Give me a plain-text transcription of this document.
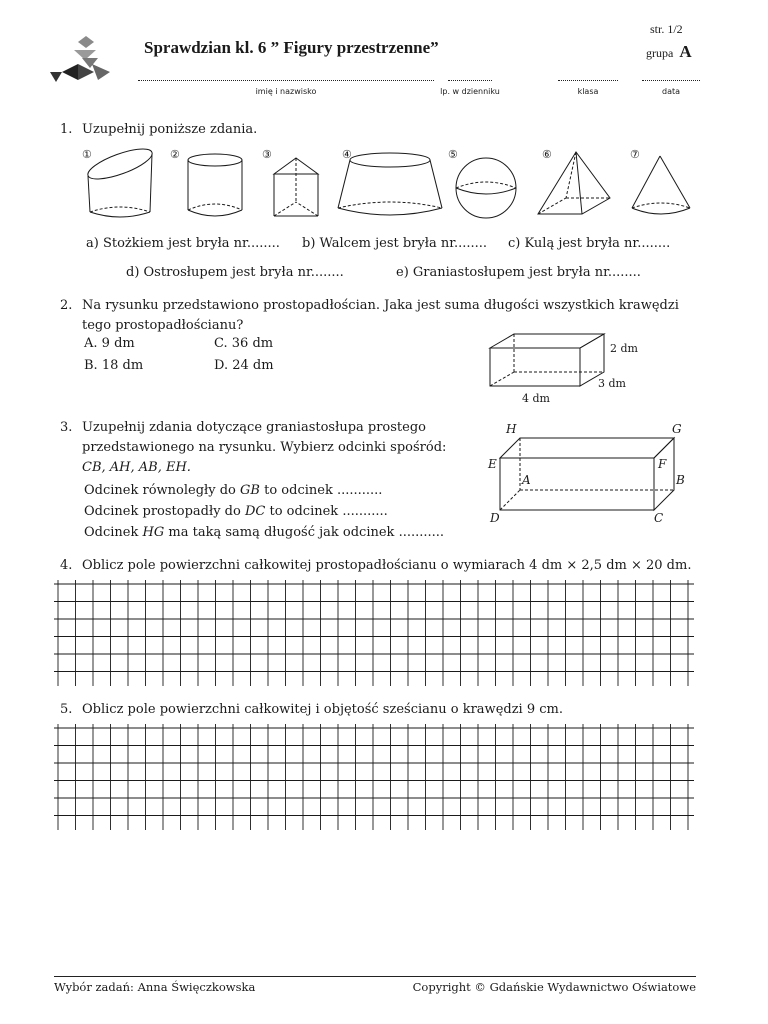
Sprawdzian kl. 6 ” Figury przestrzenne”
str. 1/2
grupa A
imię i nazwisko	lp. w dzienniku	klasa	data
1. Uzupełnij poniższe zdania.
①	②	③	④	⑤	⑥	⑦
a) Stożkiem jest bryła nr........ b) Walcem jest bryła nr........ c) Kulą jest bryła nr........
d) Ostrosłupem jest bryła nr........	e) Graniastosłupem jest bryła nr........
2. Na rysunku przedstawiono prostopadłościan. Jaka jest suma długości wszystkich krawędzi
tego prostopadłościanu?
A. 9 dm	C. 36 dm
B. 18 dm	D. 24 dm
2 dm
3 dm
4 dm
3. Uzupełnij zdania dotyczące graniastosłupa prostego
przedstawionego na rysunku. Wybierz odcinki spośród:
CB, AH, AB, EH.
Odcinek równoległy do GB to odcinek ...........
Odcinek prostopadły do DC to odcinek ...........
Odcinek HG ma taką samą długość jak odcinek ...........
H	G
E	F
A	B
D	C
4. Oblicz pole powierzchni całkowitej prostopadłościanu o wymiarach 4 dm × 2,5 dm × 20 dm.
5. Oblicz pole powierzchni całkowitej i objętość sześcianu o krawędzi 9 cm.
Wybór zadań: Anna Święczkowska	Copyright © Gdańskie Wydawnictwo Oświatowe
